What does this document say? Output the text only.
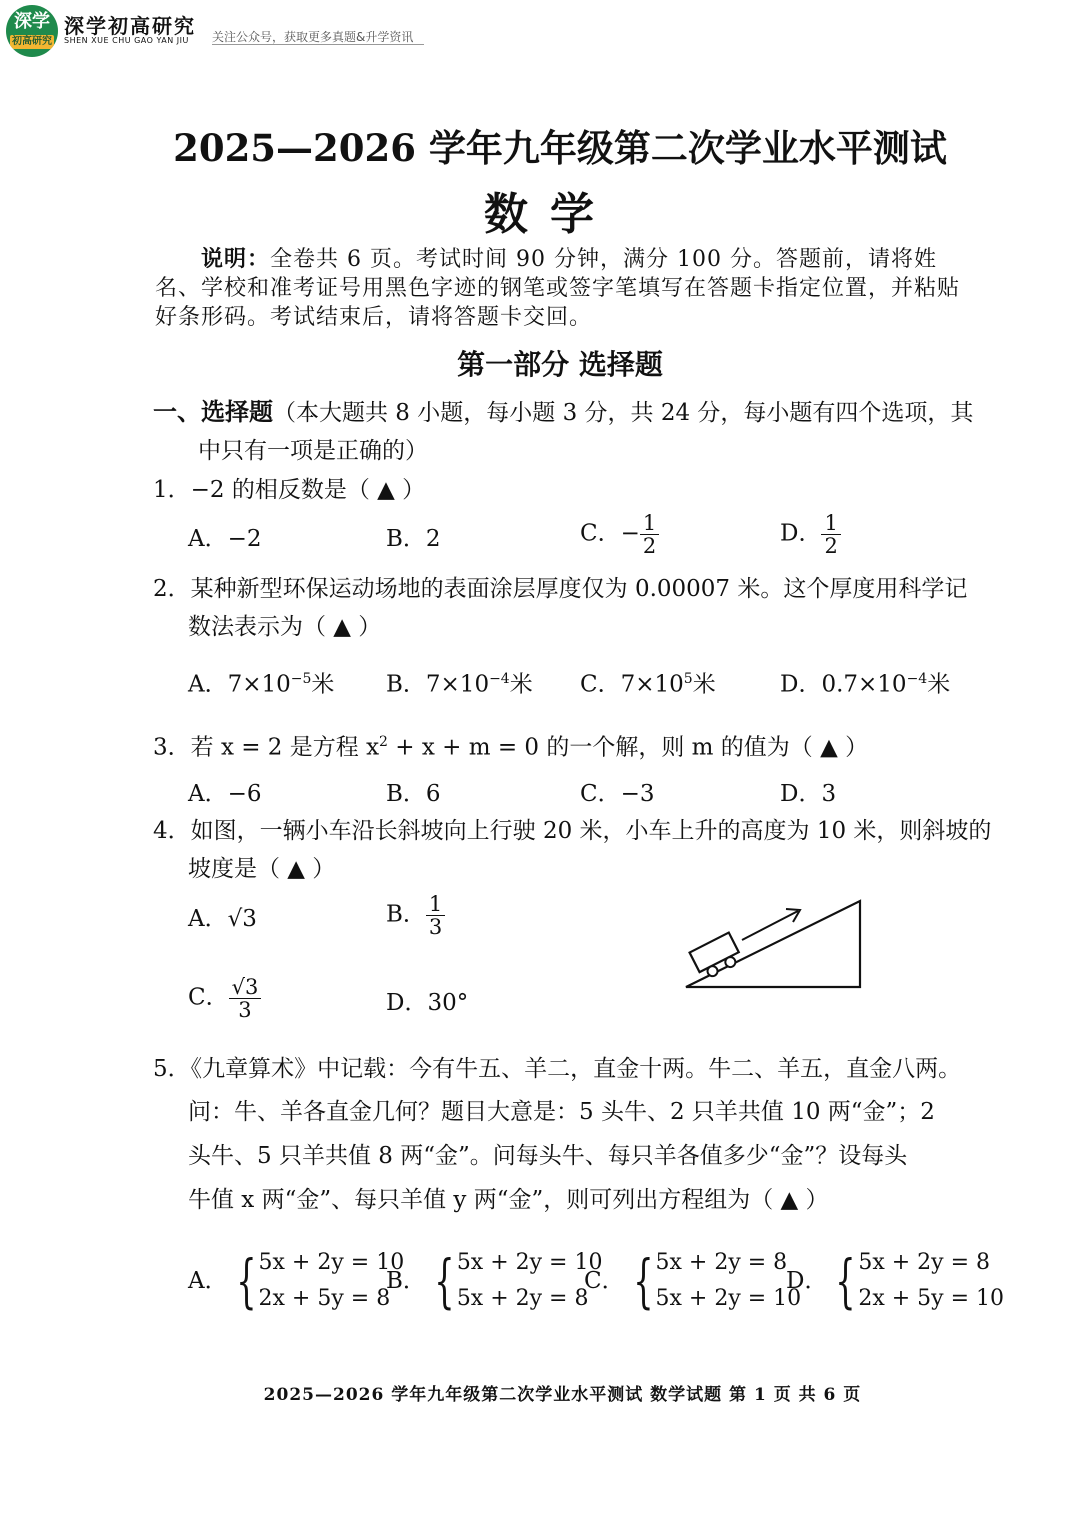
深学
初高研究
深学初高研究
SHEN XUE CHU GAO YAN JIU 关注公众号，获取更多真题&升学资讯
2025—2026 学年九年级第二次学业水平测试
数学
说明：全卷共 6 页。考试时间 90 分钟，满分 100 分。答题前，请将姓名、学校和准考证号用黑色字迹的钢笔或签字笔填写在答题卡指定位置，并粘贴好条形码。考试结束后，请将答题卡交回。
第一部分 选择题
一、选择题（本大题共 8 小题，每小题 3 分，共 24 分，每小题有四个选项，其
中只有一项是正确的）
1．−2 的相反数是（ ▲ ）
A．−2	B．2	C．− $\frac{1}{2}$	D． $\frac{1}{2}$
2．某种新型环保运动场地的表面涂层厚度仅为 0.00007 米。这个厚度用科学记
数法表示为（ ▲ ）
A．$7\times 10^{-5}$米 B．$7\times 10^{-4}$米 C．$7\times 10^5$米	D．$0.7\times 10^{-4}$米
3．若 x = 2 是方程 $x^2 + x + m = 0$ 的一个解，则 m 的值为（ ▲ ）
A．−6	B．6	C．−3	D．3
4．如图，一辆小车沿长斜坡向上行驶 20 米，小车上升的高度为 10 米，则斜坡的
坡度是（ ▲ ）
A．√3	B． $\frac{1}{3}$
C． $\frac{√3}{3}$	D．30°
5．《九章算术》中记载：今有牛五、羊二，直金十两。牛二、羊五，直金八两。
问：牛、羊各直金几何？题目大意是：5 头牛、2 只羊共值 10 两“金”；2
头牛、5 只羊共值 8 两“金”。问每头牛、每只羊各值多少“金”？设每头
牛值 x 两“金”、每只羊值 y 两“金”，则可列出方程组为（ ▲ ）
A． { 5x + 2y = 10
2x + 5y = 8
B． { 5x + 2y = 10
5x + 2y = 8
C． { 5x + 2y = 8
5x + 2y = 10
D． { 5x + 2y = 8
2x + 5y = 10
2025—2026 学年九年级第二次学业水平测试 数学试题 第 1 页 共 6 页
